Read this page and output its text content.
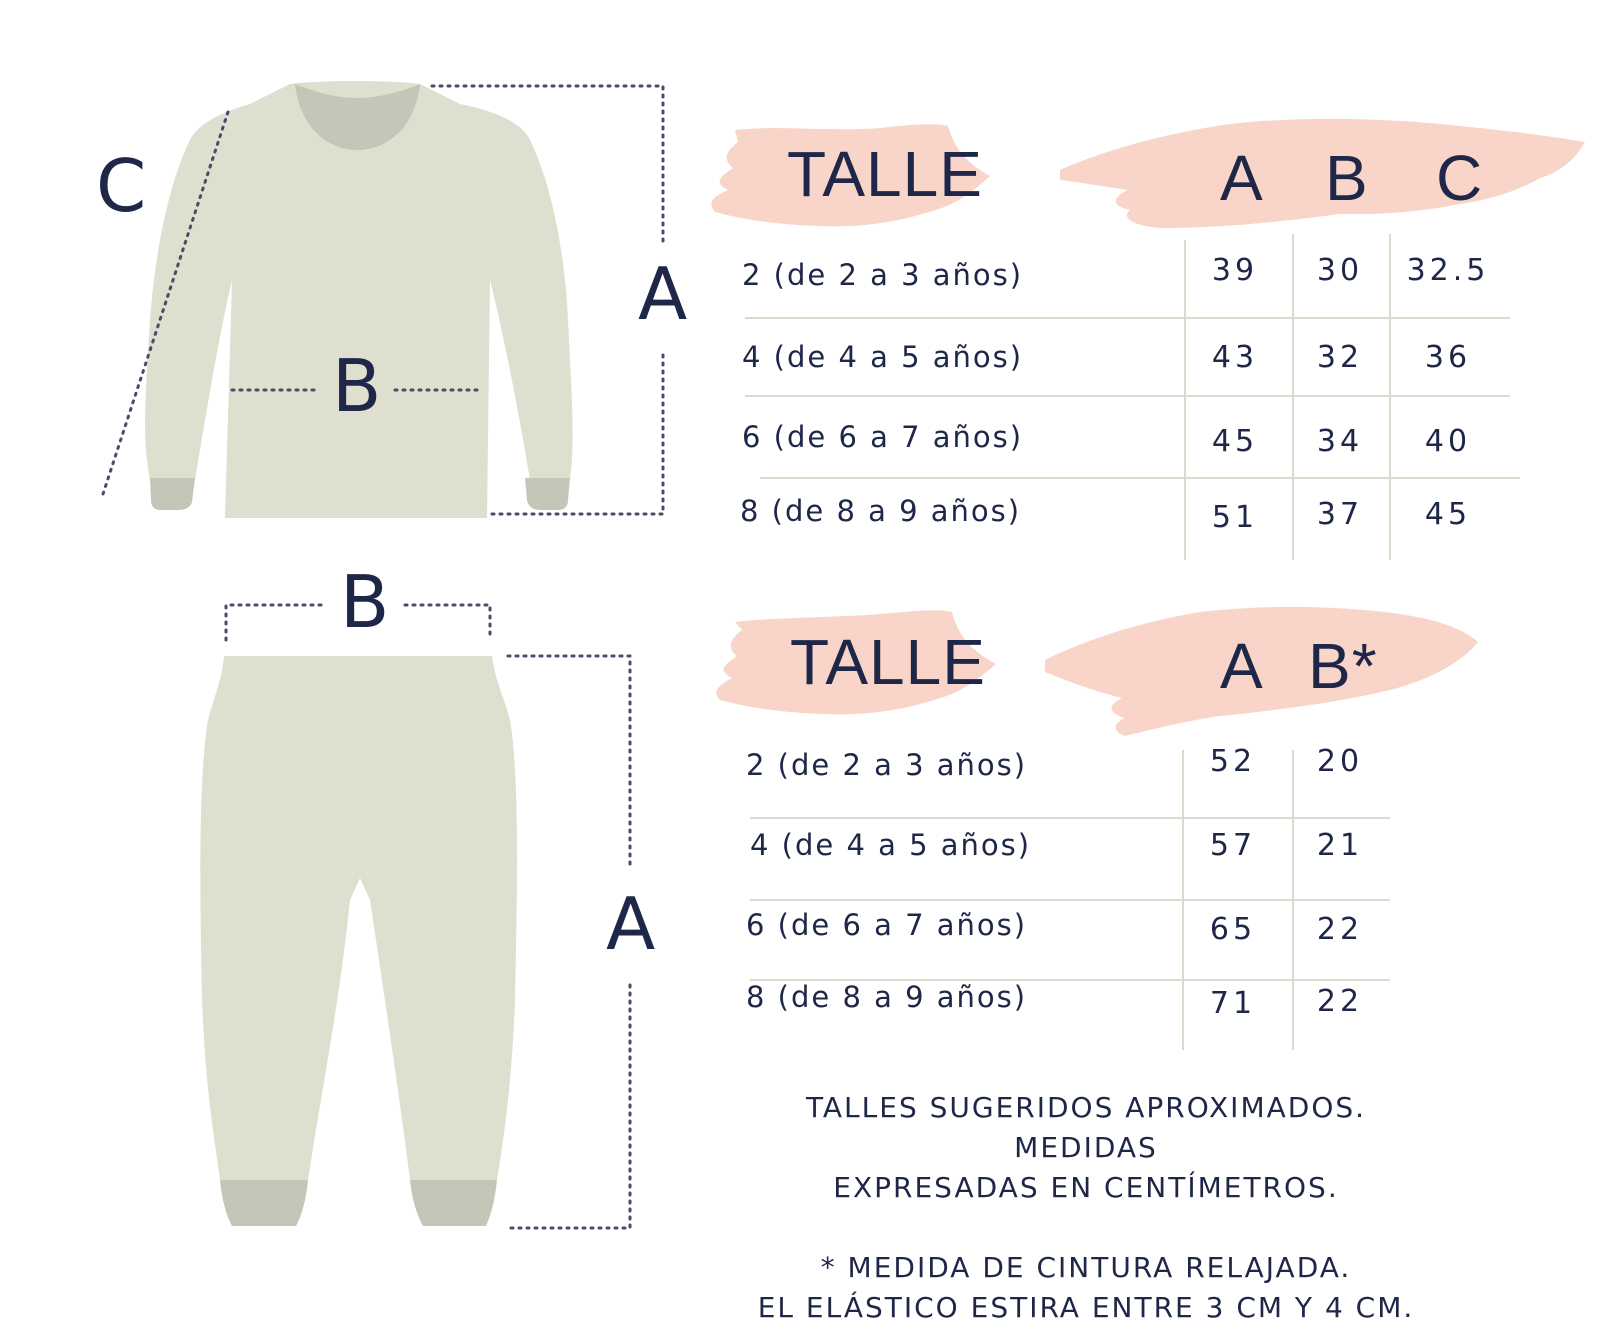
C
A
B
B
A
TALLE	A B C
2 (de 2 a 3 años)	39	30	32.5
4 (de 4 a 5 años)	43	32	36
6 (de 6 a 7 años)	45	34	40
8 (de 8 a 9 años)	51	37	45
TALLE	A B*
2 (de 2 a 3 años)	52	20
4 (de 4 a 5 años)	57	21
6 (de 6 a 7 años)	65	22
8 (de 8 a 9 años)	71	22
TALLES SUGERIDOS APROXIMADOS. MEDIDAS
EXPRESADAS EN CENTÍMETROS.
* MEDIDA DE CINTURA RELAJADA.
EL ELÁSTICO ESTIRA ENTRE 3 CM Y 4 CM.
